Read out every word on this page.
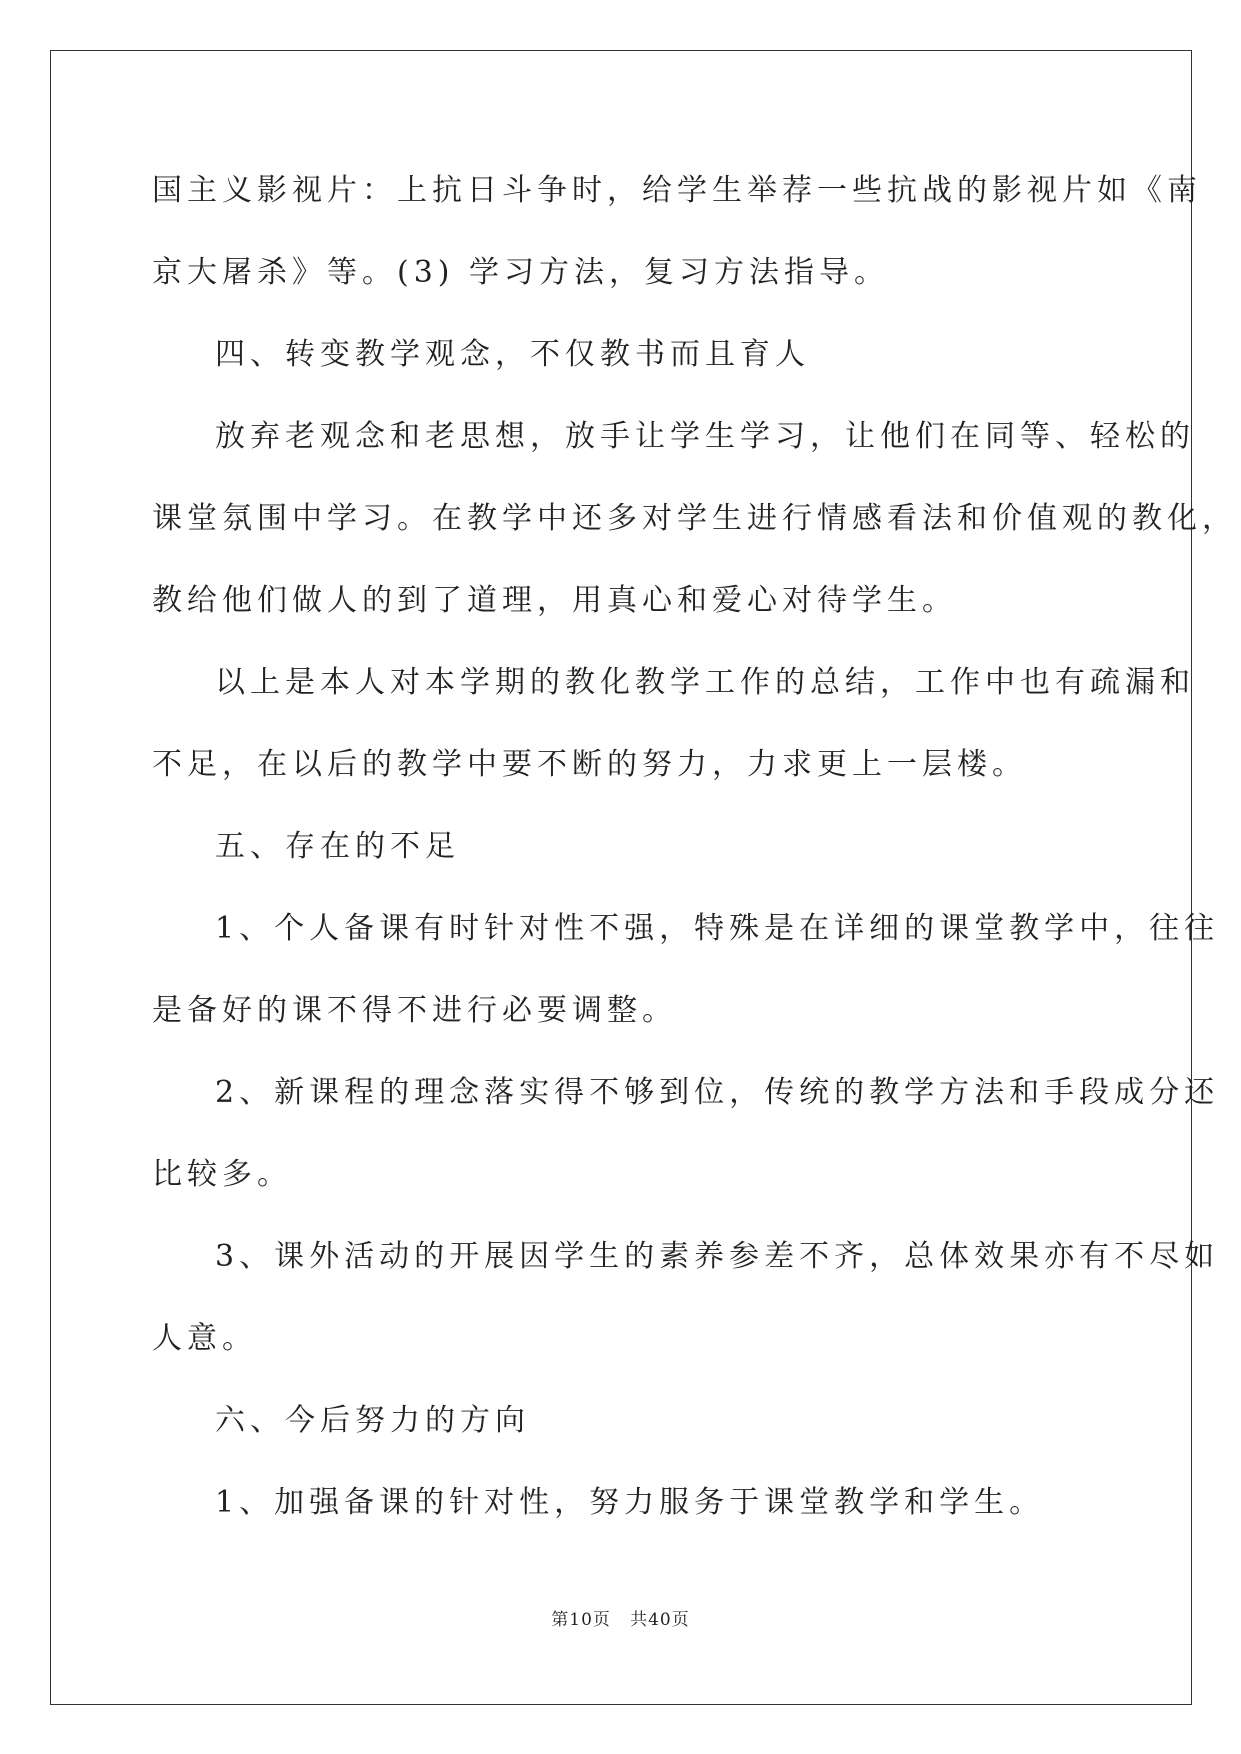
国主义影视片：上抗日斗争时，给学生举荐一些抗战的影视片如《南
京大屠杀》等。(3) 学习方法，复习方法指导。
四、转变教学观念，不仅教书而且育人
放弃老观念和老思想，放手让学生学习，让他们在同等、轻松的
课堂氛围中学习。在教学中还多对学生进行情感看法和价值观的教化，
教给他们做人的到了道理，用真心和爱心对待学生。
以上是本人对本学期的教化教学工作的总结，工作中也有疏漏和
不足，在以后的教学中要不断的努力，力求更上一层楼。
五、存在的不足
1、个人备课有时针对性不强，特殊是在详细的课堂教学中，往往
是备好的课不得不进行必要调整。
2、新课程的理念落实得不够到位，传统的教学方法和手段成分还
比较多。
3、课外活动的开展因学生的素养参差不齐，总体效果亦有不尽如
人意。
六、今后努力的方向
1、加强备课的针对性，努力服务于课堂教学和学生。
第10页   共40页
